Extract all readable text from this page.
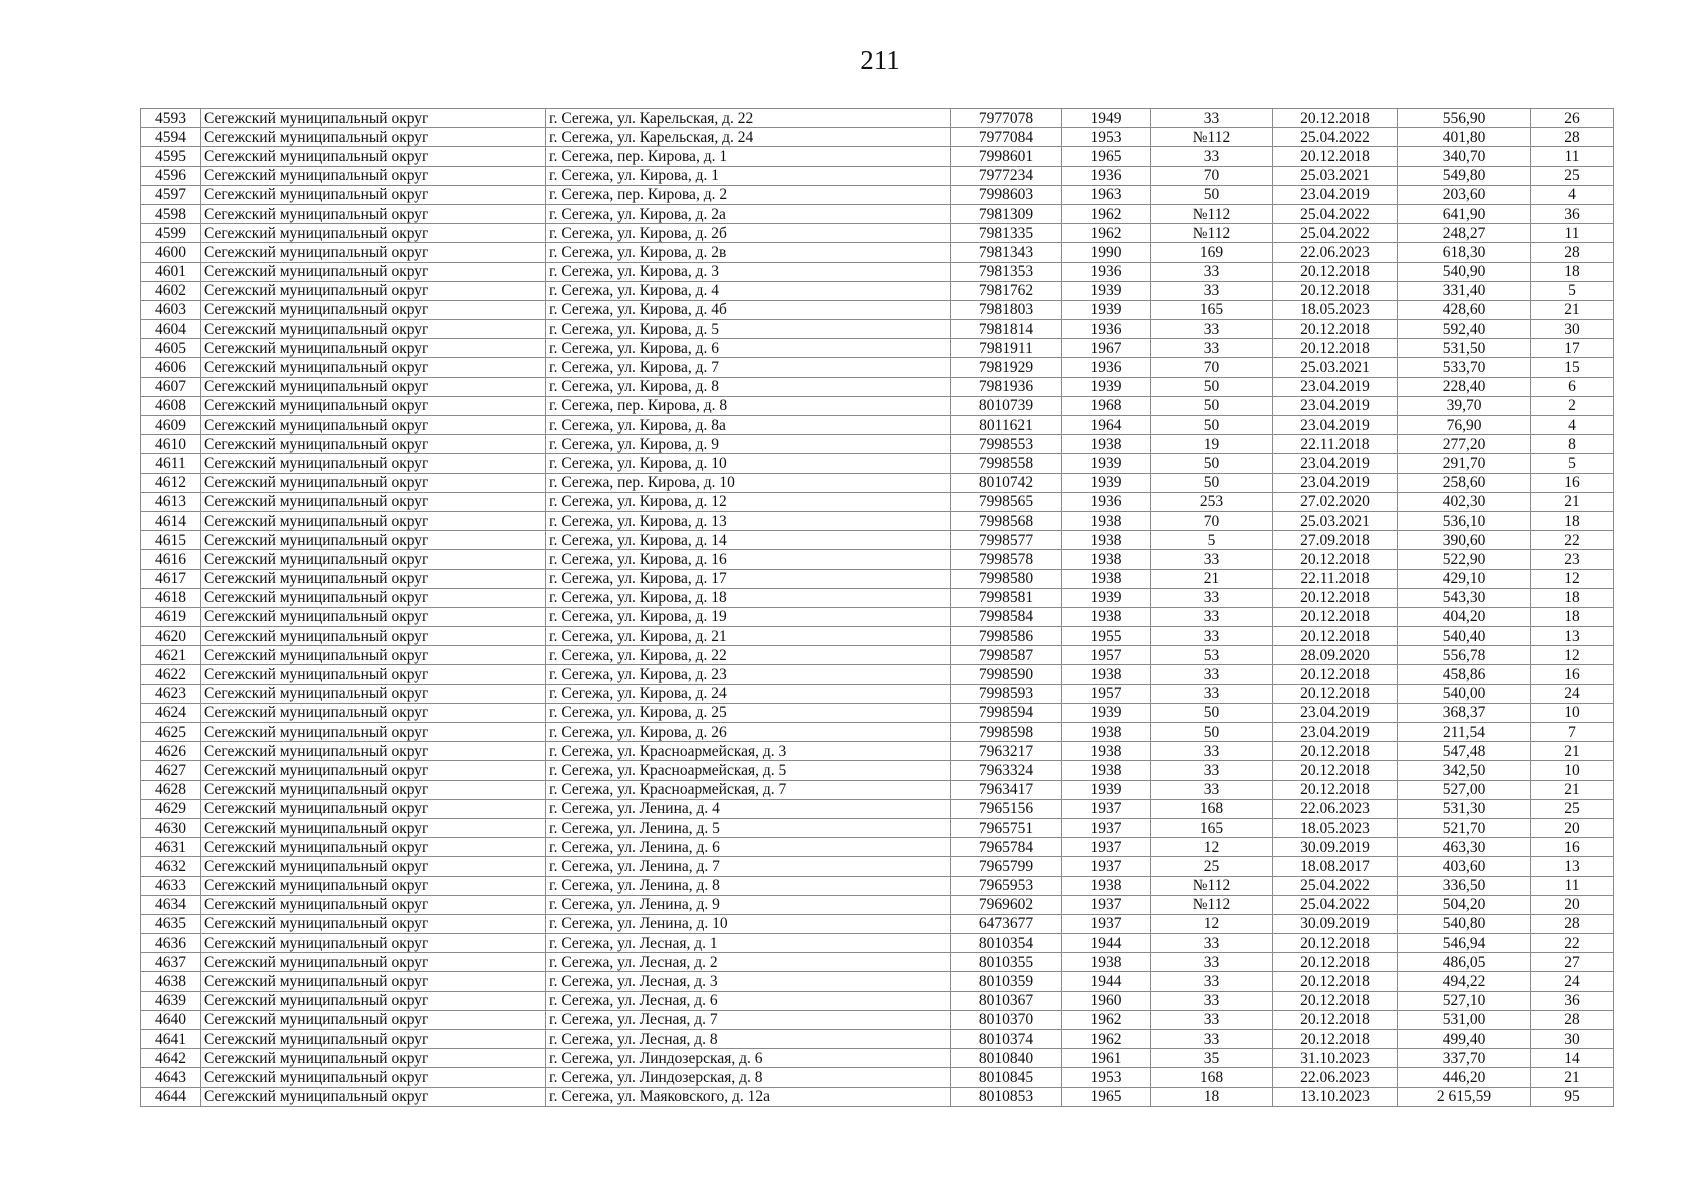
211
4593	Сегежский муниципальный округ	г. Сегежа, ул. Карельская, д. 22	7977078	1949	33	20.12.2018	556,90	26
4594	Сегежский муниципальный округ	г. Сегежа, ул. Карельская, д. 24	7977084	1953	№112	25.04.2022	401,80	28
4595	Сегежский муниципальный округ	г. Сегежа, пер. Кирова, д. 1	7998601	1965	33	20.12.2018	340,70	11
4596	Сегежский муниципальный округ	г. Сегежа, ул. Кирова, д. 1	7977234	1936	70	25.03.2021	549,80	25
4597	Сегежский муниципальный округ	г. Сегежа, пер. Кирова, д. 2	7998603	1963	50	23.04.2019	203,60	4
4598	Сегежский муниципальный округ	г. Сегежа, ул. Кирова, д. 2а	7981309	1962	№112	25.04.2022	641,90	36
4599	Сегежский муниципальный округ	г. Сегежа, ул. Кирова, д. 2б	7981335	1962	№112	25.04.2022	248,27	11
4600	Сегежский муниципальный округ	г. Сегежа, ул. Кирова, д. 2в	7981343	1990	169	22.06.2023	618,30	28
4601	Сегежский муниципальный округ	г. Сегежа, ул. Кирова, д. 3	7981353	1936	33	20.12.2018	540,90	18
4602	Сегежский муниципальный округ	г. Сегежа, ул. Кирова, д. 4	7981762	1939	33	20.12.2018	331,40	5
4603	Сегежский муниципальный округ	г. Сегежа, ул. Кирова, д. 4б	7981803	1939	165	18.05.2023	428,60	21
4604	Сегежский муниципальный округ	г. Сегежа, ул. Кирова, д. 5	7981814	1936	33	20.12.2018	592,40	30
4605	Сегежский муниципальный округ	г. Сегежа, ул. Кирова, д. 6	7981911	1967	33	20.12.2018	531,50	17
4606	Сегежский муниципальный округ	г. Сегежа, ул. Кирова, д. 7	7981929	1936	70	25.03.2021	533,70	15
4607	Сегежский муниципальный округ	г. Сегежа, ул. Кирова, д. 8	7981936	1939	50	23.04.2019	228,40	6
4608	Сегежский муниципальный округ	г. Сегежа, пер. Кирова, д. 8	8010739	1968	50	23.04.2019	39,70	2
4609	Сегежский муниципальный округ	г. Сегежа, ул. Кирова, д. 8а	8011621	1964	50	23.04.2019	76,90	4
4610	Сегежский муниципальный округ	г. Сегежа, ул. Кирова, д. 9	7998553	1938	19	22.11.2018	277,20	8
4611	Сегежский муниципальный округ	г. Сегежа, ул. Кирова, д. 10	7998558	1939	50	23.04.2019	291,70	5
4612	Сегежский муниципальный округ	г. Сегежа, пер. Кирова, д. 10	8010742	1939	50	23.04.2019	258,60	16
4613	Сегежский муниципальный округ	г. Сегежа, ул. Кирова, д. 12	7998565	1936	253	27.02.2020	402,30	21
4614	Сегежский муниципальный округ	г. Сегежа, ул. Кирова, д. 13	7998568	1938	70	25.03.2021	536,10	18
4615	Сегежский муниципальный округ	г. Сегежа, ул. Кирова, д. 14	7998577	1938	5	27.09.2018	390,60	22
4616	Сегежский муниципальный округ	г. Сегежа, ул. Кирова, д. 16	7998578	1938	33	20.12.2018	522,90	23
4617	Сегежский муниципальный округ	г. Сегежа, ул. Кирова, д. 17	7998580	1938	21	22.11.2018	429,10	12
4618	Сегежский муниципальный округ	г. Сегежа, ул. Кирова, д. 18	7998581	1939	33	20.12.2018	543,30	18
4619	Сегежский муниципальный округ	г. Сегежа, ул. Кирова, д. 19	7998584	1938	33	20.12.2018	404,20	18
4620	Сегежский муниципальный округ	г. Сегежа, ул. Кирова, д. 21	7998586	1955	33	20.12.2018	540,40	13
4621	Сегежский муниципальный округ	г. Сегежа, ул. Кирова, д. 22	7998587	1957	53	28.09.2020	556,78	12
4622	Сегежский муниципальный округ	г. Сегежа, ул. Кирова, д. 23	7998590	1938	33	20.12.2018	458,86	16
4623	Сегежский муниципальный округ	г. Сегежа, ул. Кирова, д. 24	7998593	1957	33	20.12.2018	540,00	24
4624	Сегежский муниципальный округ	г. Сегежа, ул. Кирова, д. 25	7998594	1939	50	23.04.2019	368,37	10
4625	Сегежский муниципальный округ	г. Сегежа, ул. Кирова, д. 26	7998598	1938	50	23.04.2019	211,54	7
4626	Сегежский муниципальный округ	г. Сегежа, ул. Красноармейская, д. 3	7963217	1938	33	20.12.2018	547,48	21
4627	Сегежский муниципальный округ	г. Сегежа, ул. Красноармейская, д. 5	7963324	1938	33	20.12.2018	342,50	10
4628	Сегежский муниципальный округ	г. Сегежа, ул. Красноармейская, д. 7	7963417	1939	33	20.12.2018	527,00	21
4629	Сегежский муниципальный округ	г. Сегежа, ул. Ленина, д. 4	7965156	1937	168	22.06.2023	531,30	25
4630	Сегежский муниципальный округ	г. Сегежа, ул. Ленина, д. 5	7965751	1937	165	18.05.2023	521,70	20
4631	Сегежский муниципальный округ	г. Сегежа, ул. Ленина, д. 6	7965784	1937	12	30.09.2019	463,30	16
4632	Сегежский муниципальный округ	г. Сегежа, ул. Ленина, д. 7	7965799	1937	25	18.08.2017	403,60	13
4633	Сегежский муниципальный округ	г. Сегежа, ул. Ленина, д. 8	7965953	1938	№112	25.04.2022	336,50	11
4634	Сегежский муниципальный округ	г. Сегежа, ул. Ленина, д. 9	7969602	1937	№112	25.04.2022	504,20	20
4635	Сегежский муниципальный округ	г. Сегежа, ул. Ленина, д. 10	6473677	1937	12	30.09.2019	540,80	28
4636	Сегежский муниципальный округ	г. Сегежа, ул. Лесная, д. 1	8010354	1944	33	20.12.2018	546,94	22
4637	Сегежский муниципальный округ	г. Сегежа, ул. Лесная, д. 2	8010355	1938	33	20.12.2018	486,05	27
4638	Сегежский муниципальный округ	г. Сегежа, ул. Лесная, д. 3	8010359	1944	33	20.12.2018	494,22	24
4639	Сегежский муниципальный округ	г. Сегежа, ул. Лесная, д. 6	8010367	1960	33	20.12.2018	527,10	36
4640	Сегежский муниципальный округ	г. Сегежа, ул. Лесная, д. 7	8010370	1962	33	20.12.2018	531,00	28
4641	Сегежский муниципальный округ	г. Сегежа, ул. Лесная, д. 8	8010374	1962	33	20.12.2018	499,40	30
4642	Сегежский муниципальный округ	г. Сегежа, ул. Линдозерская, д. 6	8010840	1961	35	31.10.2023	337,70	14
4643	Сегежский муниципальный округ	г. Сегежа, ул. Линдозерская, д. 8	8010845	1953	168	22.06.2023	446,20	21
4644	Сегежский муниципальный округ	г. Сегежа, ул. Маяковского, д. 12а	8010853	1965	18	13.10.2023	2 615,59	95
